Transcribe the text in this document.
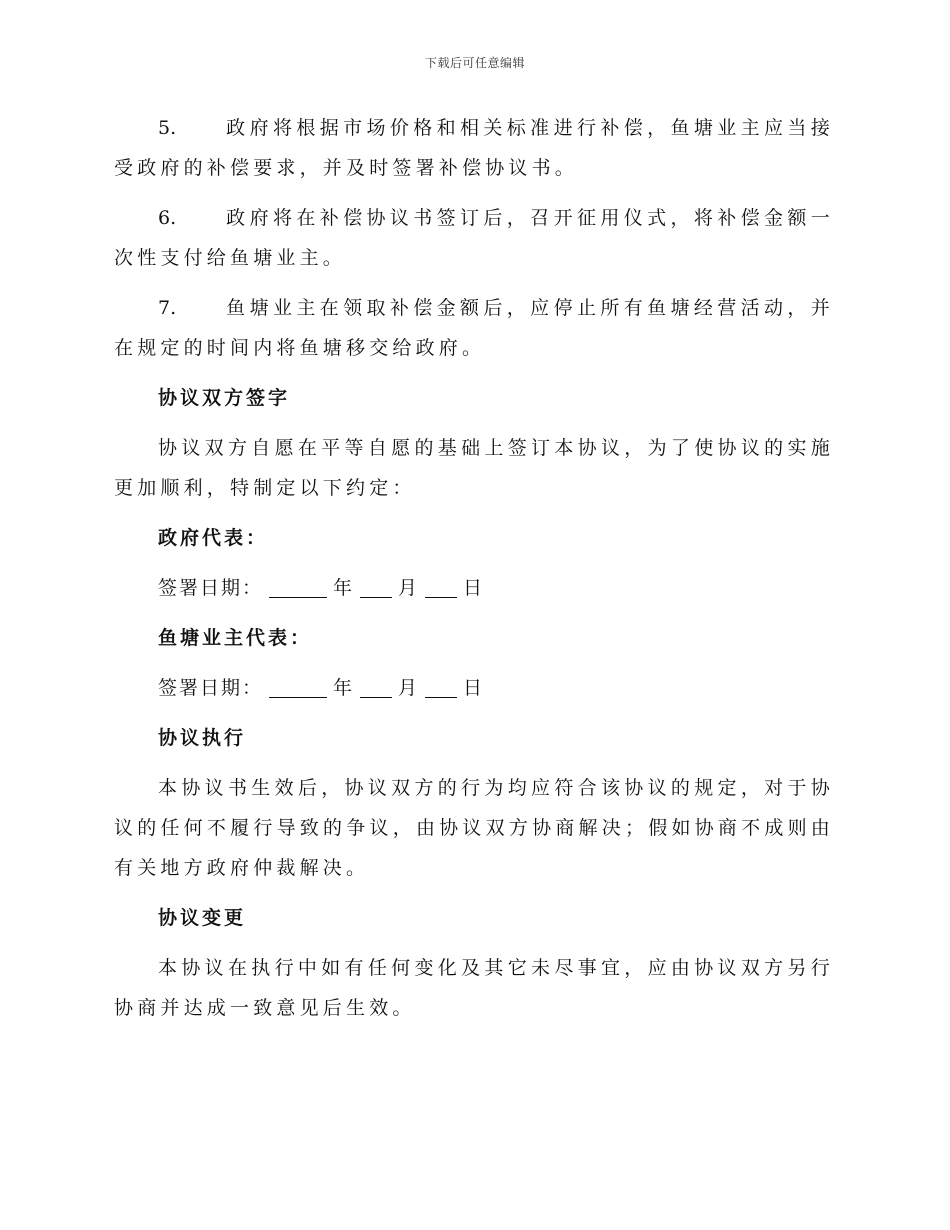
下载后可任意编辑

5.	政府将根据市场价格和相关标准进行补偿，鱼塘业主应当接受政府的补偿要求，并及时签署补偿协议书。

6.	政府将在补偿协议书签订后，召开征用仪式，将补偿金额一次性支付给鱼塘业主。

7.	鱼塘业主在领取补偿金额后，应停止所有鱼塘经营活动，并在规定的时间内将鱼塘移交给政府。

协议双方签字

协议双方自愿在平等自愿的基础上签订本协议，为了使协议的实施更加顺利，特制定以下约定：

政府代表：

签署日期：	年 月 日

鱼塘业主代表：

签署日期：	年 月 日

协议执行

本协议书生效后，协议双方的行为均应符合该协议的规定，对于协议的任何不履行导致的争议，由协议双方协商解决；假如协商不成则由有关地方政府仲裁解决。

协议变更

本协议在执行中如有任何变化及其它未尽事宜，应由协议双方另行协商并达成一致意见后生效。
